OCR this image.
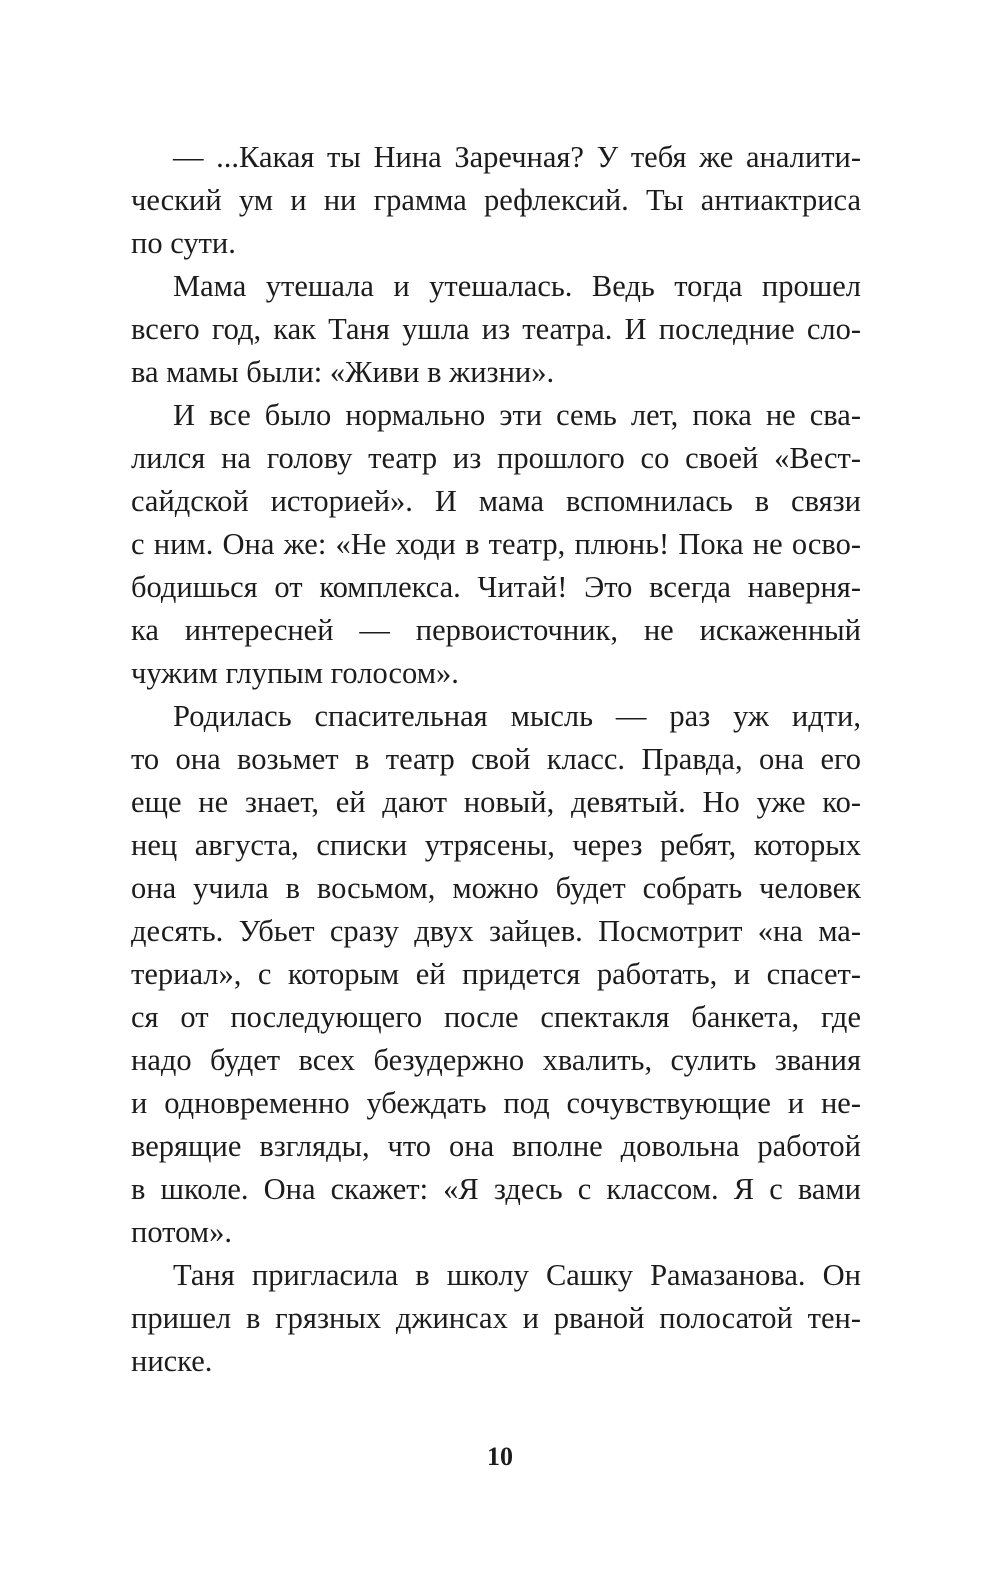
— ...Какая ты Нина Заречная? У тебя же аналити-
ческий ум и ни грамма рефлексий. Ты антиактриса
по сути.
Мама утешала и утешалась. Ведь тогда прошел
всего год, как Таня ушла из театра. И последние сло-
ва мамы были: «Живи в жизни».
И все было нормально эти семь лет, пока не сва-
лился на голову театр из прошлого со своей «Вест-
сайдской историей». И мама вспомнилась в связи
с ним. Она же: «Не ходи в театр, плюнь! Пока не осво-
бодишься от комплекса. Читай! Это всегда наверня-
ка интересней — первоисточник, не искаженный
чужим глупым голосом».
Родилась спасительная мысль — раз уж идти,
то она возьмет в театр свой класс. Правда, она его
еще не знает, ей дают новый, девятый. Но уже ко-
нец августа, списки утрясены, через ребят, которых
она учила в восьмом, можно будет собрать человек
десять. Убьет сразу двух зайцев. Посмотрит «на ма-
териал», с которым ей придется работать, и спасет-
ся от последующего после спектакля банкета, где
надо будет всех безудержно хвалить, сулить звания
и одновременно убеждать под сочувствующие и не-
верящие взгляды, что она вполне довольна работой
в школе. Она скажет: «Я здесь с классом. Я с вами
потом».
Таня пригласила в школу Сашку Рамазанова. Он
пришел в грязных джинсах и рваной полосатой тен-
ниске.
10
